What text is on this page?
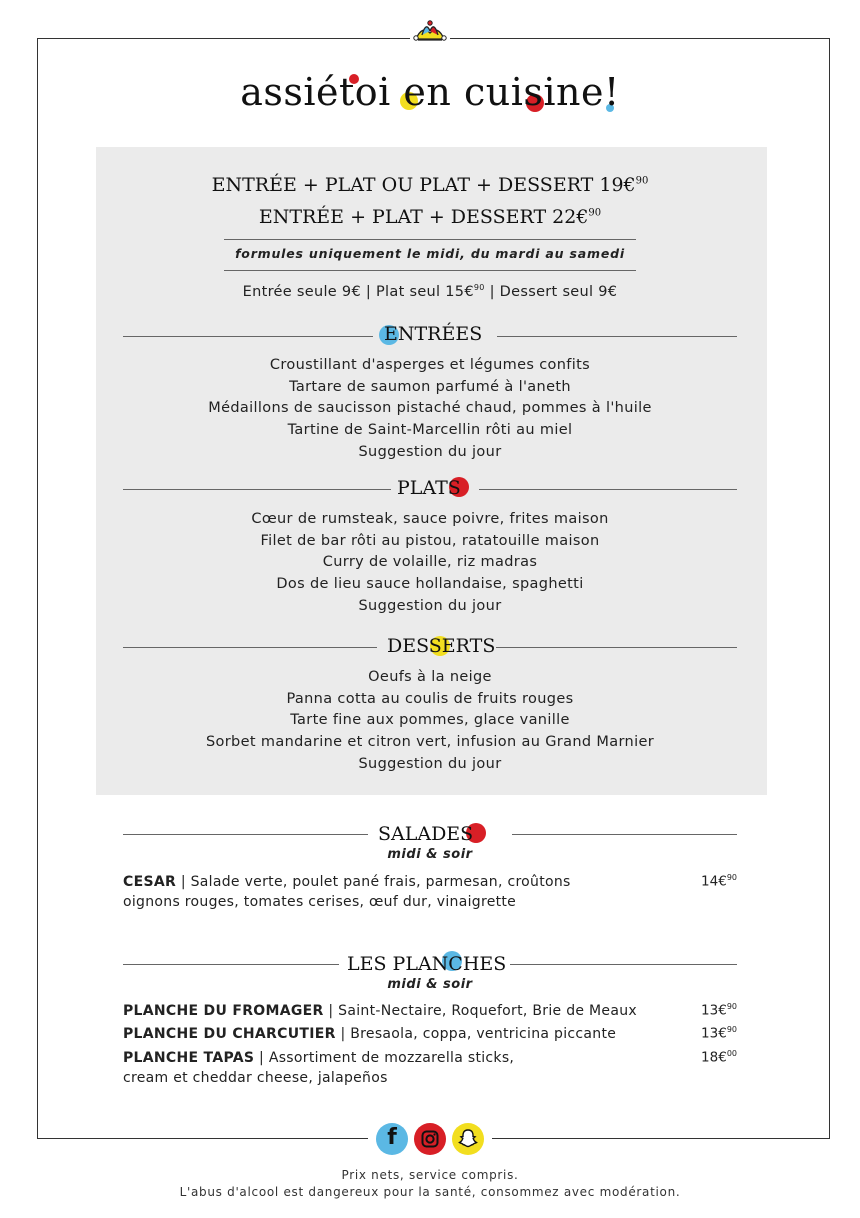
assiétoi en cuisine!
ENTRÉE + PLAT OU PLAT + DESSERT 19€$^{90}$
ENTRÉE + PLAT + DESSERT 22€$^{90}$
formules uniquement le midi, du mardi au samedi
Entrée seule 9€ | Plat seul 15€$^{90}$ | Dessert seul 9€
ENTRÉES
Croustillant d'asperges et légumes confits
Tartare de saumon parfumé à l'aneth
Médaillons de saucisson pistaché chaud, pommes à l'huile
Tartine de Saint-Marcellin rôti au miel
Suggestion du jour
PLATS
Cœur de rumsteak, sauce poivre, frites maison
Filet de bar rôti au pistou, ratatouille maison
Curry de volaille, riz madras
Dos de lieu sauce hollandaise, spaghetti
Suggestion du jour
DESSERTS
Oeufs à la neige
Panna cotta au coulis de fruits rouges
Tarte fine aux pommes, glace vanille
Sorbet mandarine et citron vert, infusion au Grand Marnier
Suggestion du jour
SALADES
midi & soir
CESAR | Salade verte, poulet pané frais, parmesan, croûtons
oignons rouges, tomates cerises, œuf dur, vinaigrette
14€$^{90}$
LES PLANCHES
midi & soir
PLANCHE DU FROMAGER | Saint-Nectaire, Roquefort, Brie de Meaux	13€$^{90}$
PLANCHE DU CHARCUTIER | Bresaola, coppa, ventricina piccante	13€$^{90}$
PLANCHE TAPAS | Assortiment de mozzarella sticks,
cream et cheddar cheese, jalapeños
18€$^{00}$
f
Prix nets, service compris.
L'abus d'alcool est dangereux pour la santé, consommez avec modération.
